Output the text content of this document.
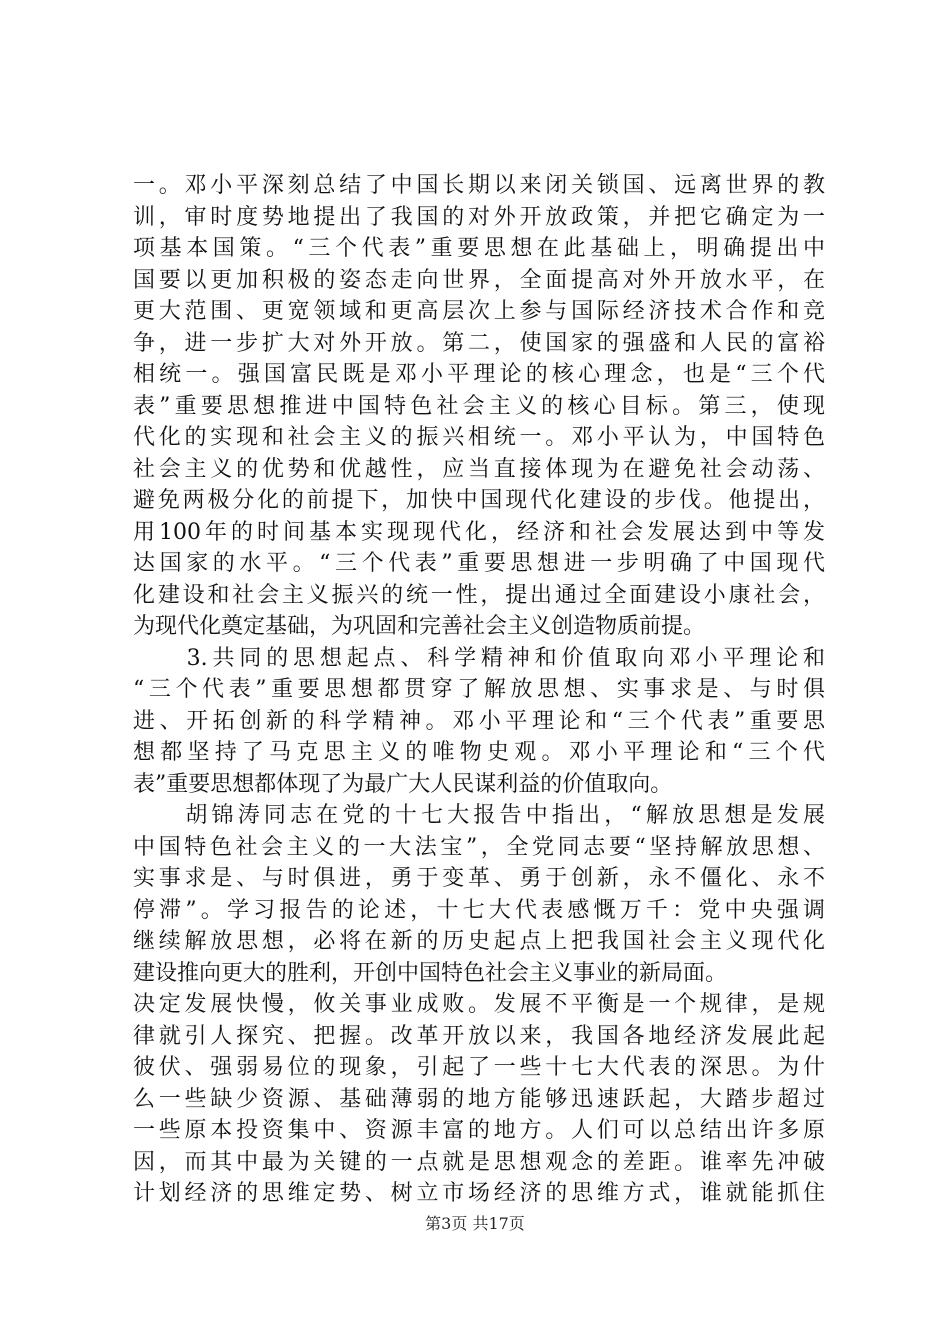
一。邓小平深刻总结了中国长期以来闭关锁国、远离世界的教
训，审时度势地提出了我国的对外开放政策，并把它确定为一
项基本国策。“三个代表”重要思想在此基础上，明确提出中
国要以更加积极的姿态走向世界，全面提高对外开放水平，在
更大范围、更宽领域和更高层次上参与国际经济技术合作和竞
争，进一步扩大对外开放。第二，使国家的强盛和人民的富裕
相统一。强国富民既是邓小平理论的核心理念，也是“三个代
表”重要思想推进中国特色社会主义的核心目标。第三，使现
代化的实现和社会主义的振兴相统一。邓小平认为，中国特色
社会主义的优势和优越性，应当直接体现为在避免社会动荡、
避免两极分化的前提下，加快中国现代化建设的步伐。他提出，
用100年的时间基本实现现代化，经济和社会发展达到中等发
达国家的水平。“三个代表”重要思想进一步明确了中国现代
化建设和社会主义振兴的统一性，提出通过全面建设小康社会，
为现代化奠定基础，为巩固和完善社会主义创造物质前提。
　　3.共同的思想起点、科学精神和价值取向邓小平理论和
“三个代表”重要思想都贯穿了解放思想、实事求是、与时俱
进、开拓创新的科学精神。邓小平理论和“三个代表”重要思
想都坚持了马克思主义的唯物史观。邓小平理论和“三个代
表”重要思想都体现了为最广大人民谋利益的价值取向。
　　胡锦涛同志在党的十七大报告中指出，“解放思想是发展
中国特色社会主义的一大法宝”，全党同志要“坚持解放思想、
实事求是、与时俱进，勇于变革、勇于创新，永不僵化、永不
停滞”。学习报告的论述，十七大代表感慨万千：党中央强调
继续解放思想，必将在新的历史起点上把我国社会主义现代化
建设推向更大的胜利，开创中国特色社会主义事业的新局面。
决定发展快慢，攸关事业成败。发展不平衡是一个规律，是规
律就引人探究、把握。改革开放以来，我国各地经济发展此起
彼伏、强弱易位的现象，引起了一些十七大代表的深思。为什
么一些缺少资源、基础薄弱的地方能够迅速跃起，大踏步超过
一些原本投资集中、资源丰富的地方。人们可以总结出许多原
因，而其中最为关键的一点就是思想观念的差距。谁率先冲破
计划经济的思维定势、树立市场经济的思维方式，谁就能抓住
第3页 共17页
